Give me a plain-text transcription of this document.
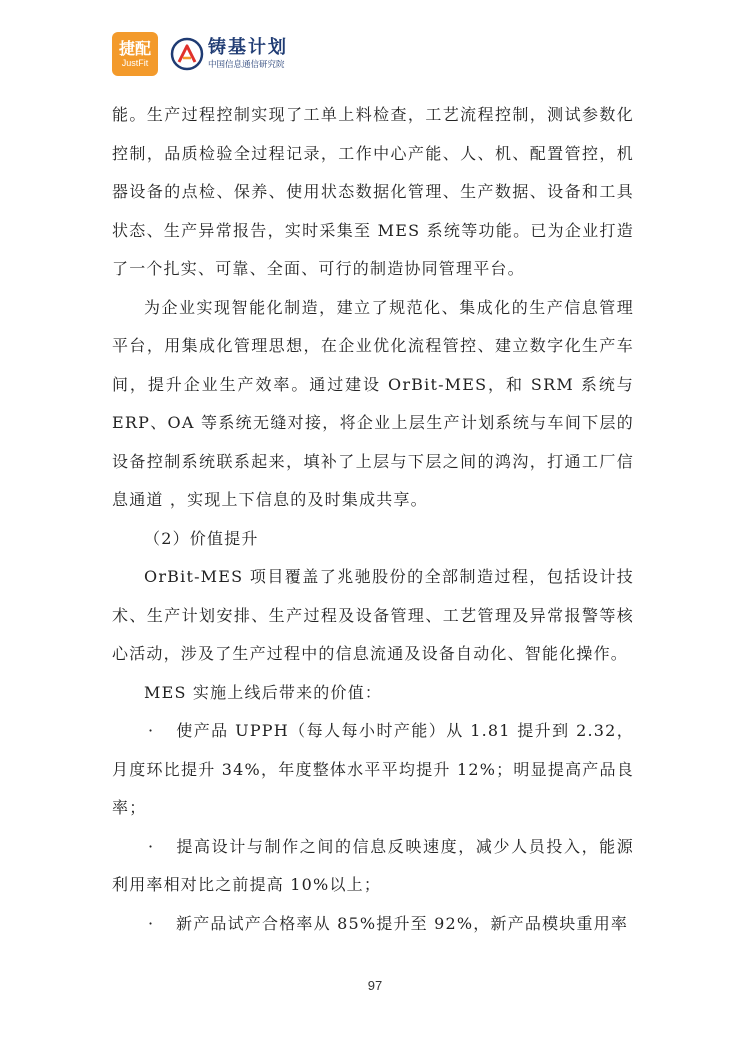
捷配
JustFit
铸基计划
中国信息通信研究院

能。生产过程控制实现了工单上料检查，工艺流程控制，测试参数化控制，品质检验全过程记录，工作中心产能、人、机、配置管控，机器设备的点检、保养、使用状态数据化管理、生产数据、设备和工具状态、生产异常报告，实时采集至 MES 系统等功能。已为企业打造了一个扎实、可靠、全面、可行的制造协同管理平台。

为企业实现智能化制造，建立了规范化、集成化的生产信息管理平台，用集成化管理思想，在企业优化流程管控、建立数字化生产车间，提升企业生产效率。通过建设 OrBit-MES，和 SRM 系统与 ERP、OA 等系统无缝对接，将企业上层生产计划系统与车间下层的设备控制系统联系起来，填补了上层与下层之间的鸿沟，打通工厂信息通道 ，实现上下信息的及时集成共享。

（2）价值提升

OrBit-MES 项目覆盖了兆驰股份的全部制造过程，包括设计技术、生产计划安排、生产过程及设备管理、工艺管理及异常报警等核心活动，涉及了生产过程中的信息流通及设备自动化、智能化操作。

MES 实施上线后带来的价值：

· 使产品 UPPH（每人每小时产能）从 1.81 提升到 2.32，月度环比提升 34%，年度整体水平平均提升 12%；明显提高产品良率；

· 提高设计与制作之间的信息反映速度，减少人员投入，能源利用率相对比之前提高 10%以上；

· 新产品试产合格率从 85%提升至 92%，新产品模块重用率

97
